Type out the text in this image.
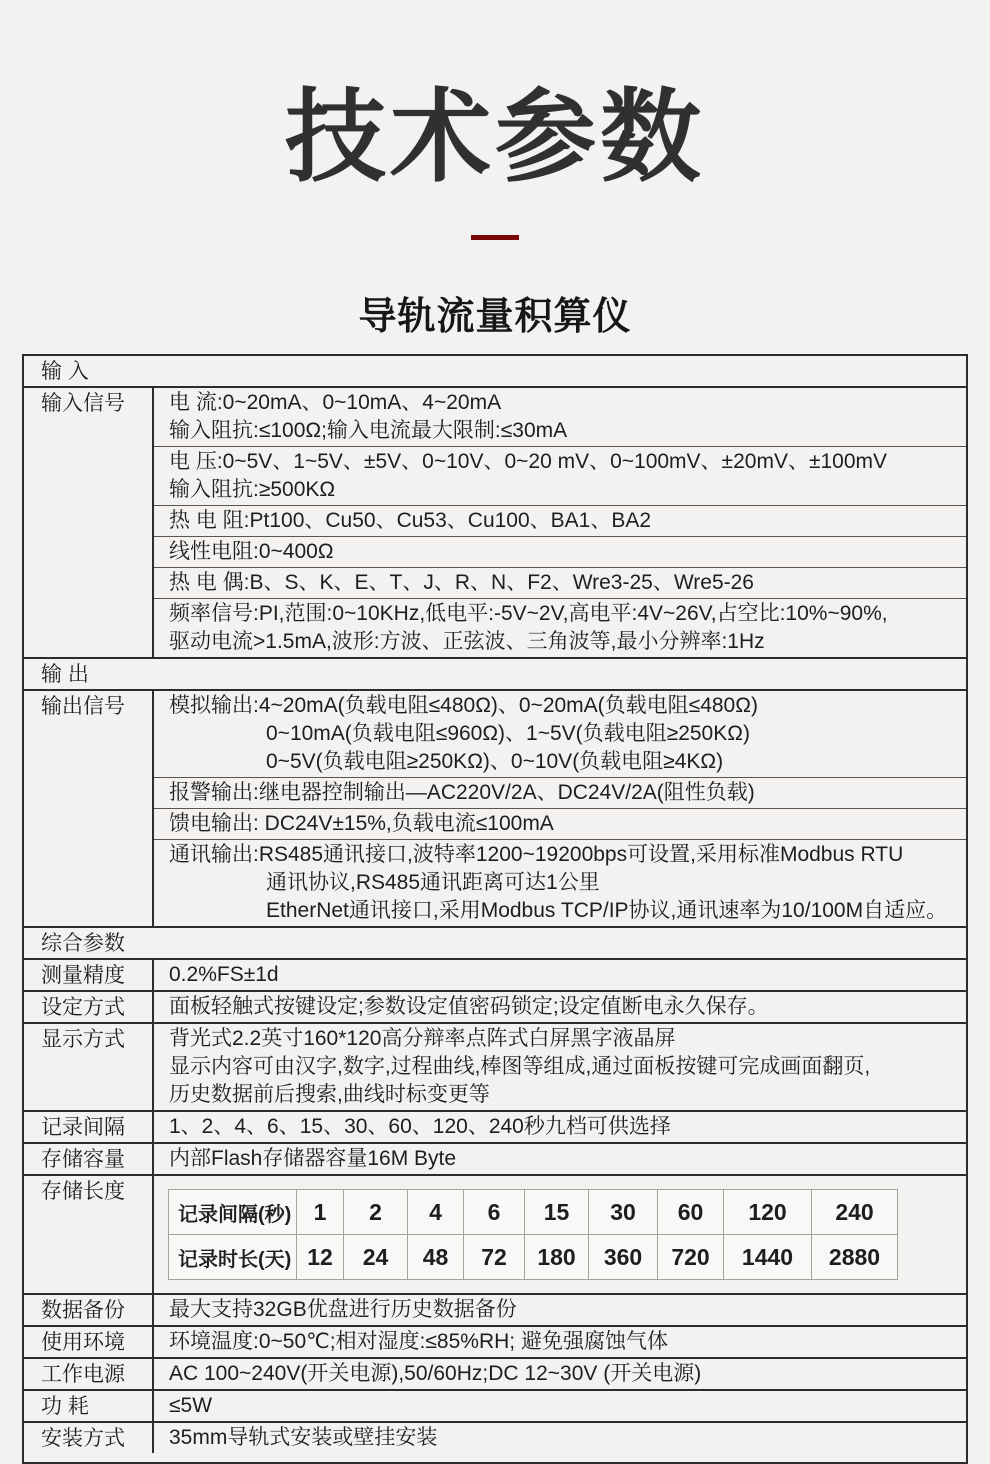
技术参数
导轨流量积算仪
输 入
输入信号	电 流:0~20mA、0~10mA、4~20mA
输入阻抗:≤100Ω;输入电流最大限制:≤30mA
电 压:0~5V、1~5V、±5V、0~10V、0~20 mV、0~100mV、±20mV、±100mV
输入阻抗:≥500KΩ
热 电 阻:Pt100、Cu50、Cu53、Cu100、BA1、BA2
线性电阻:0~400Ω
热 电 偶:B、S、K、E、T、J、R、N、F2、Wre3-25、Wre5-26
频率信号:PI,范围:0~10KHz,低电平:-5V~2V,高电平:4V~26V,占空比:10%~90%,
驱动电流>1.5mA,波形:方波、正弦波、三角波等,最小分辨率:1Hz
输 出
输出信号	模拟输出:4~20mA(负载电阻≤480Ω)、0~20mA(负载电阻≤480Ω)
0~10mA(负载电阻≤960Ω)、1~5V(负载电阻≥250KΩ)
0~5V(负载电阻≥250KΩ)、0~10V(负载电阻≥4KΩ)
报警输出:继电器控制输出—AC220V/2A、DC24V/2A(阻性负载)
馈电输出: DC24V±15%,负载电流≤100mA
通讯输出:RS485通讯接口,波特率1200~19200bps可设置,采用标准Modbus RTU
通讯协议,RS485通讯距离可达1公里
EtherNet通讯接口,采用Modbus TCP/IP协议,通讯速率为10/100M自适应。
综合参数
测量精度	0.2%FS±1d
设定方式	面板轻触式按键设定;参数设定值密码锁定;设定值断电永久保存。
显示方式	背光式2.2英寸160*120高分辩率点阵式白屏黑字液晶屏
显示内容可由汉字,数字,过程曲线,棒图等组成,通过面板按键可完成画面翻页,
历史数据前后搜索,曲线时标变更等
记录间隔	1、2、4、6、15、30、60、120、240秒九档可供选择
存储容量	内部Flash存储器容量16M Byte
存储长度
记录间隔(秒)	1	2	4	6	15	30	60	120	240
记录时长(天)	12	24	48	72	180	360	720	1440	2880
数据备份	最大支持32GB优盘进行历史数据备份
使用环境	环境温度:0~50℃;相对湿度:≤85%RH; 避免强腐蚀气体
工作电源	AC 100~240V(开关电源),50/60Hz;DC 12~30V (开关电源)
功 耗	≤5W
安装方式	35mm导轨式安装或壁挂安装
